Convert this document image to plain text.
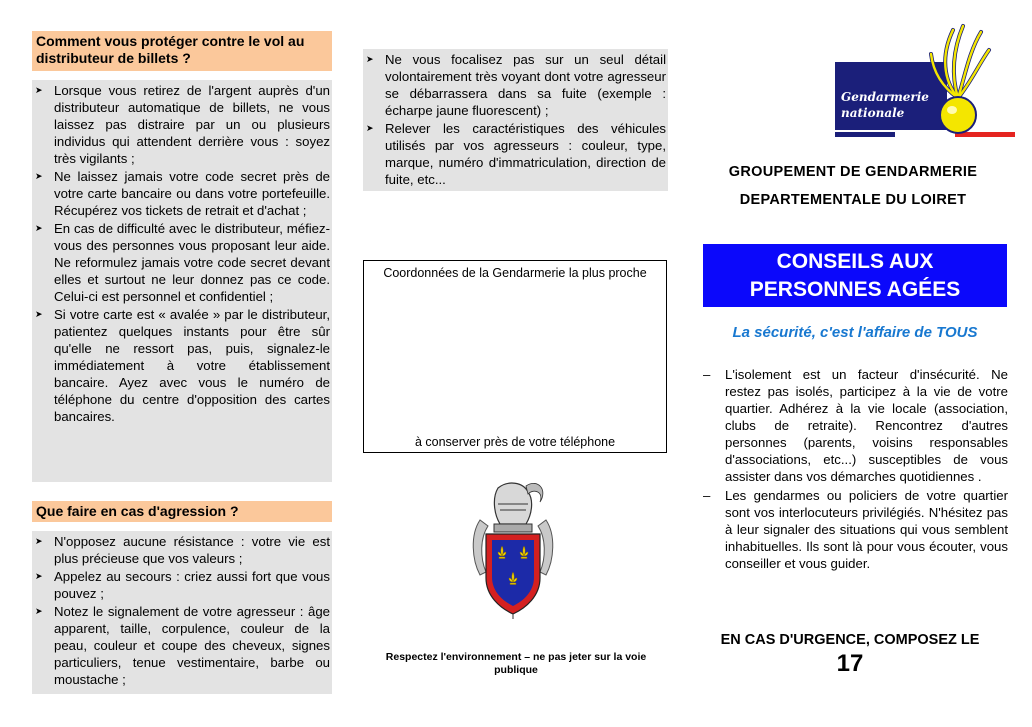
Comment vous protéger contre le vol au distributeur de billets ?
➤ Lorsque vous retirez de l'argent auprès d'un distributeur automatique de billets, ne vous laissez pas distraire par un ou plusieurs individus qui attendent derrière vous : soyez très vigilants ;
➤ Ne laissez jamais votre code secret près de votre carte bancaire ou dans votre portefeuille. Récupérez vos tickets de retrait et d'achat ;
➤ En cas de difficulté avec le distributeur, méfiez-vous des personnes vous proposant leur aide. Ne reformulez jamais votre code secret devant elles et surtout ne leur donnez pas ce code. Celui-ci est personnel et confidentiel ;
➤ Si votre carte est « avalée » par le distributeur, patientez quelques instants pour être sûr qu'elle ne ressort pas, puis, signalez-le immédiatement à votre établissement bancaire. Ayez avec vous le numéro de téléphone du centre d'opposition des cartes bancaires.
Que faire en cas d'agression ?
➤ N'opposez aucune résistance : votre vie est plus précieuse que vos valeurs ;
➤ Appelez au secours : criez aussi fort que vous pouvez ;
➤ Notez le signalement de votre agresseur : âge apparent, taille, corpulence, couleur de la peau, couleur et coupe des cheveux, signes particuliers, tenue vestimentaire, barbe ou moustache ;
➤ Ne vous focalisez pas sur un seul détail volontairement très voyant dont votre agresseur se débarrassera dans sa fuite (exemple : écharpe jaune fluorescent) ;
➤ Relever les caractéristiques des véhicules utilisés par vos agresseurs : couleur, type, marque, numéro d'immatriculation, direction de fuite, etc...
Coordonnées de la Gendarmerie la plus proche
à conserver près de votre téléphone
Respectez l'environnement – ne pas jeter sur la voie publique
Gendarmerie
nationale
GROUPEMENT DE GENDARMERIE
DEPARTEMENTALE DU LOIRET
CONSEILS AUX
PERSONNES AGÉES
La sécurité, c'est l'affaire de TOUS
– L'isolement est un facteur d'insécurité. Ne restez pas isolés, participez à la vie de votre quartier. Adhérez à la vie locale (association, clubs de retraite). Rencontrez d'autres personnes (parents, voisins responsables d'associations, etc...) susceptibles de vous assister dans vos démarches quotidiennes .
– Les gendarmes ou policiers de votre quartier sont vos interlocuteurs privilégiés. N'hésitez pas à leur signaler des situations qui vous semblent inhabituelles. Ils sont là pour vous écouter, vous conseiller et vous guider.
EN CAS D'URGENCE, COMPOSEZ LE
17
